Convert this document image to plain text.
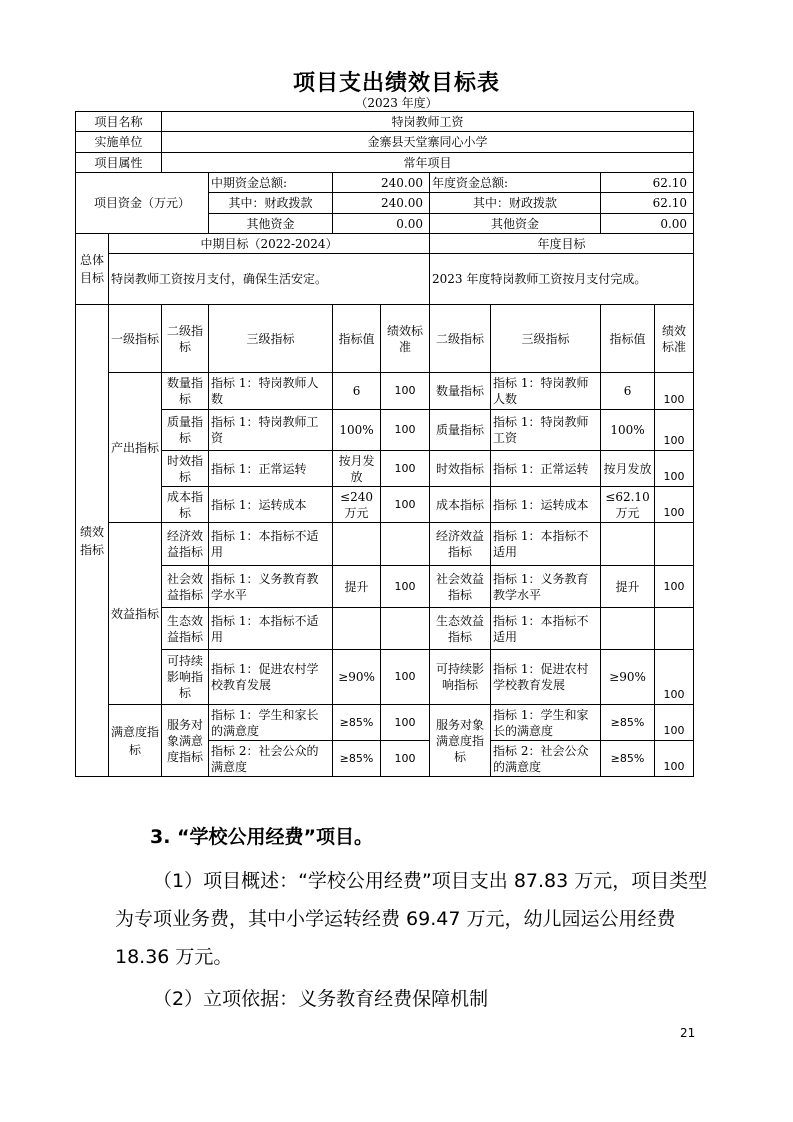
项目支出绩效目标表
（2023 年度）
项目名称		特岗教师工资							
实施单位		金寨县天堂寨同心小学							
项目属性		常年项目							
项目资金（万元）			中期资金总额:	240.00		年度资金总额:		62.10	
			其中：财政拨款	240.00		其中：财政拨款		62.10	
			其他资金	0.00		其他资金		0.00	
总体目标	中期目标（2022-2024）					年度目标			
	特岗教师工资按月支付，确保生活安定。					2023 年度特岗教师工资按月支付完成。			
绩效指标	一级指标	二级指标	三级指标	指标值	绩效标准	二级指标	三级指标	指标值	绩效标准
	产出指标	数量指标	指标 1：特岗教师人数	6	100	数量指标	指标 1：特岗教师人数	6	100
		质量指标	指标 1：特岗教师工资	100%	100	质量指标	指标 1：特岗教师工资	100%	100
		时效指标	指标 1：正常运转	按月发放	100	时效指标	指标 1：正常运转	按月发放	100
		成本指标	指标 1：运转成本	≤240万元	100	成本指标	指标 1：运转成本	≤62.10万元	100
	效益指标	经济效益指标	指标 1：本指标不适用			经济效益指标	指标 1：本指标不适用		
		社会效益指标	指标 1：义务教育教学水平	提升	100	社会效益指标	指标 1：义务教育教学水平	提升	100
		生态效益指标	指标 1：本指标不适用			生态效益指标	指标 1：本指标不适用		
		可持续影响指标	指标 1：促进农村学校教育发展	≥90%	100	可持续影响指标	指标 1：促进农村学校教育发展	≥90%	100
	满意度指标	服务对象满意度指标	指标 1：学生和家长的满意度	≥85%	100	服务对象满意度指标	指标 1：学生和家长的满意度	≥85%	100
			指标 2：社会公众的满意度	≥85%	100		指标 2：社会公众的满意度	≥85%	100
3. “学校公用经费”项目。
（1）项目概述：“学校公用经费”项目支出 87.83 万元，项目类型为专项业务费，其中小学运转经费 69.47 万元，幼儿园运公用经费 18.36 万元。
（2）立项依据：义务教育经费保障机制
21
